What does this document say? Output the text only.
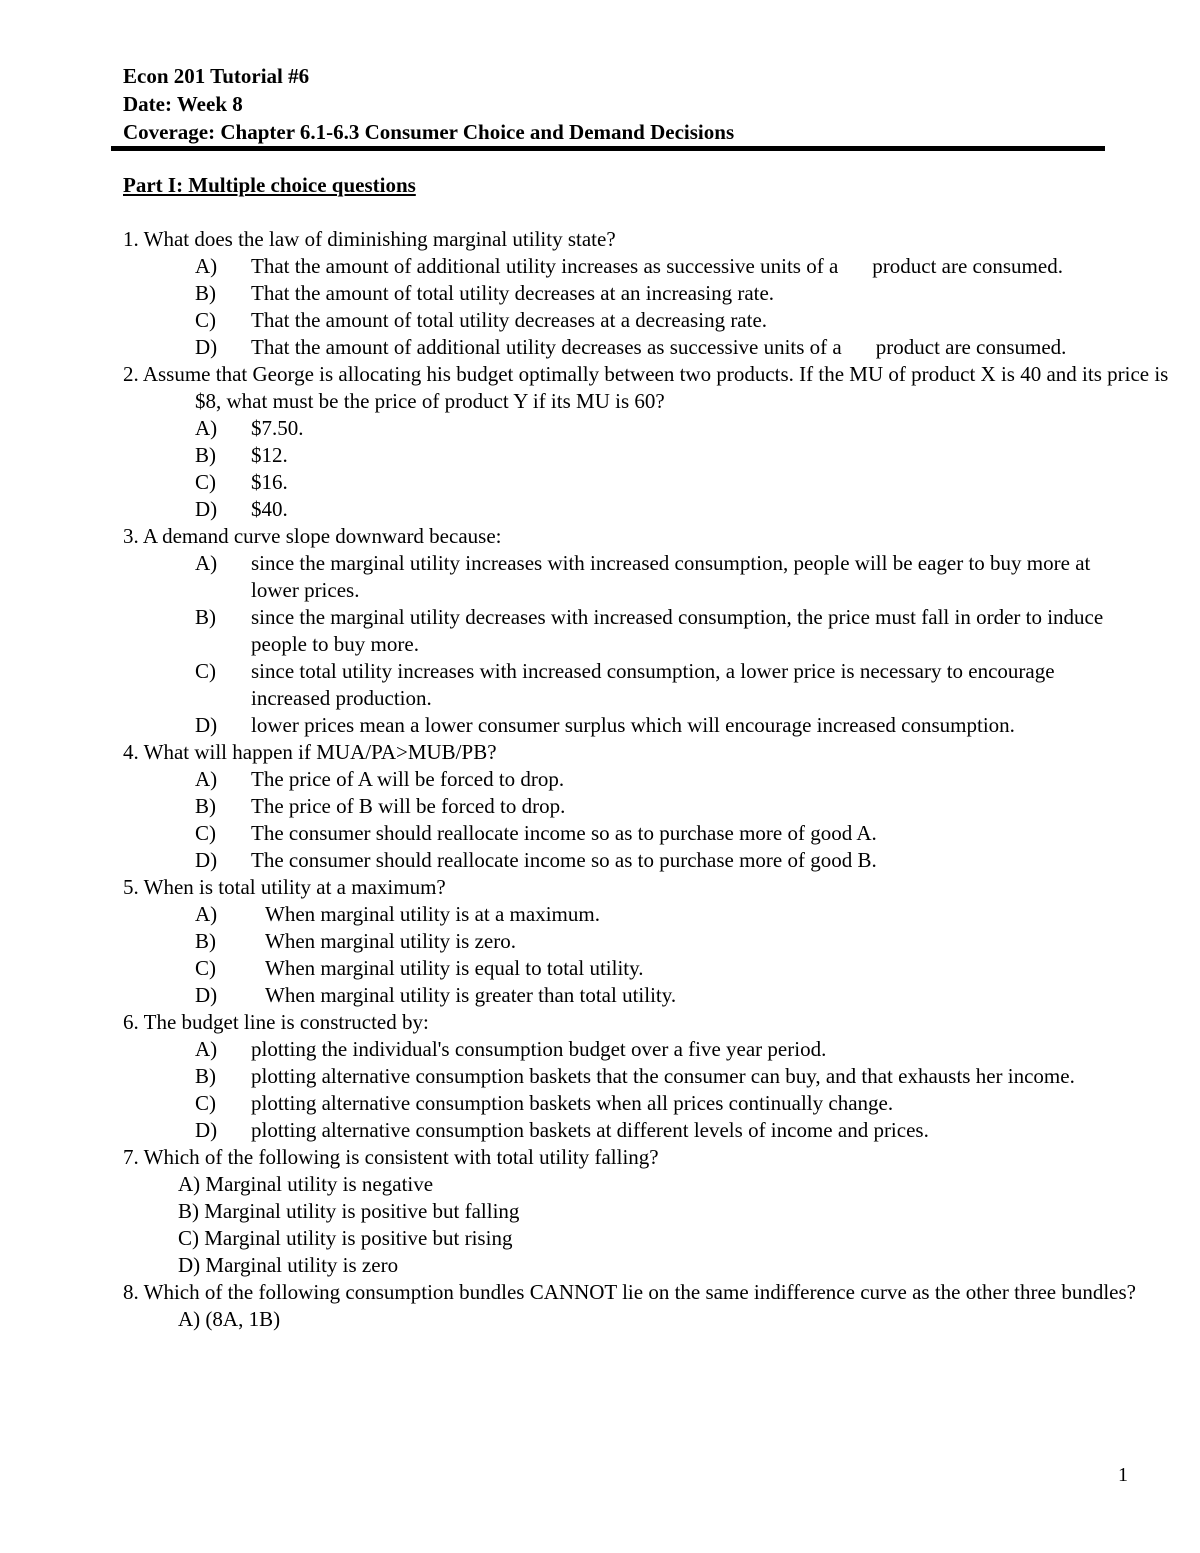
Econ 201 Tutorial #6
Date: Week 8
Coverage: Chapter 6.1-6.3 Consumer Choice and Demand Decisions
Part I: Multiple choice questions
1. What does the law of diminishing marginal utility state?
A)	That the amount of additional utility increases as successive units of a product are consumed.
B)	That the amount of total utility decreases at an increasing rate.
C)	That the amount of total utility decreases at a decreasing rate.
D)	That the amount of additional utility decreases as successive units of a product are consumed.
2. Assume that George is allocating his budget optimally between two products. If the MU of product X is 40 and its price is $8, what must be the price of product Y if its MU is 60?
A)	$7.50.
B)	$12.
C)	$16.
D)	$40.
3. A demand curve slope downward because:
A)	since the marginal utility increases with increased consumption, people will be eager to buy more at lower prices.
B)	since the marginal utility decreases with increased consumption, the price must fall in order to induce people to buy more.
C)	since total utility increases with increased consumption, a lower price is necessary to encourage increased production.
D)	lower prices mean a lower consumer surplus which will encourage increased consumption.
4. What will happen if MUA/PA>MUB/PB?
A)	The price of A will be forced to drop.
B)	The price of B will be forced to drop.
C)	The consumer should reallocate income so as to purchase more of good A.
D)	The consumer should reallocate income so as to purchase more of good B.
5. When is total utility at a maximum?
A)	When marginal utility is at a maximum.
B)	When marginal utility is zero.
C)	When marginal utility is equal to total utility.
D)	When marginal utility is greater than total utility.
6. The budget line is constructed by:
A)	plotting the individual's consumption budget over a five year period.
B)	plotting alternative consumption baskets that the consumer can buy, and that exhausts her income.
C)	plotting alternative consumption baskets when all prices continually change.
D)	plotting alternative consumption baskets at different levels of income and prices.
7. Which of the following is consistent with total utility falling?
A) Marginal utility is negative
B) Marginal utility is positive but falling
C) Marginal utility is positive but rising
D) Marginal utility is zero
8. Which of the following consumption bundles CANNOT lie on the same indifference curve as the other three bundles?
A) (8A, 1B)
1
